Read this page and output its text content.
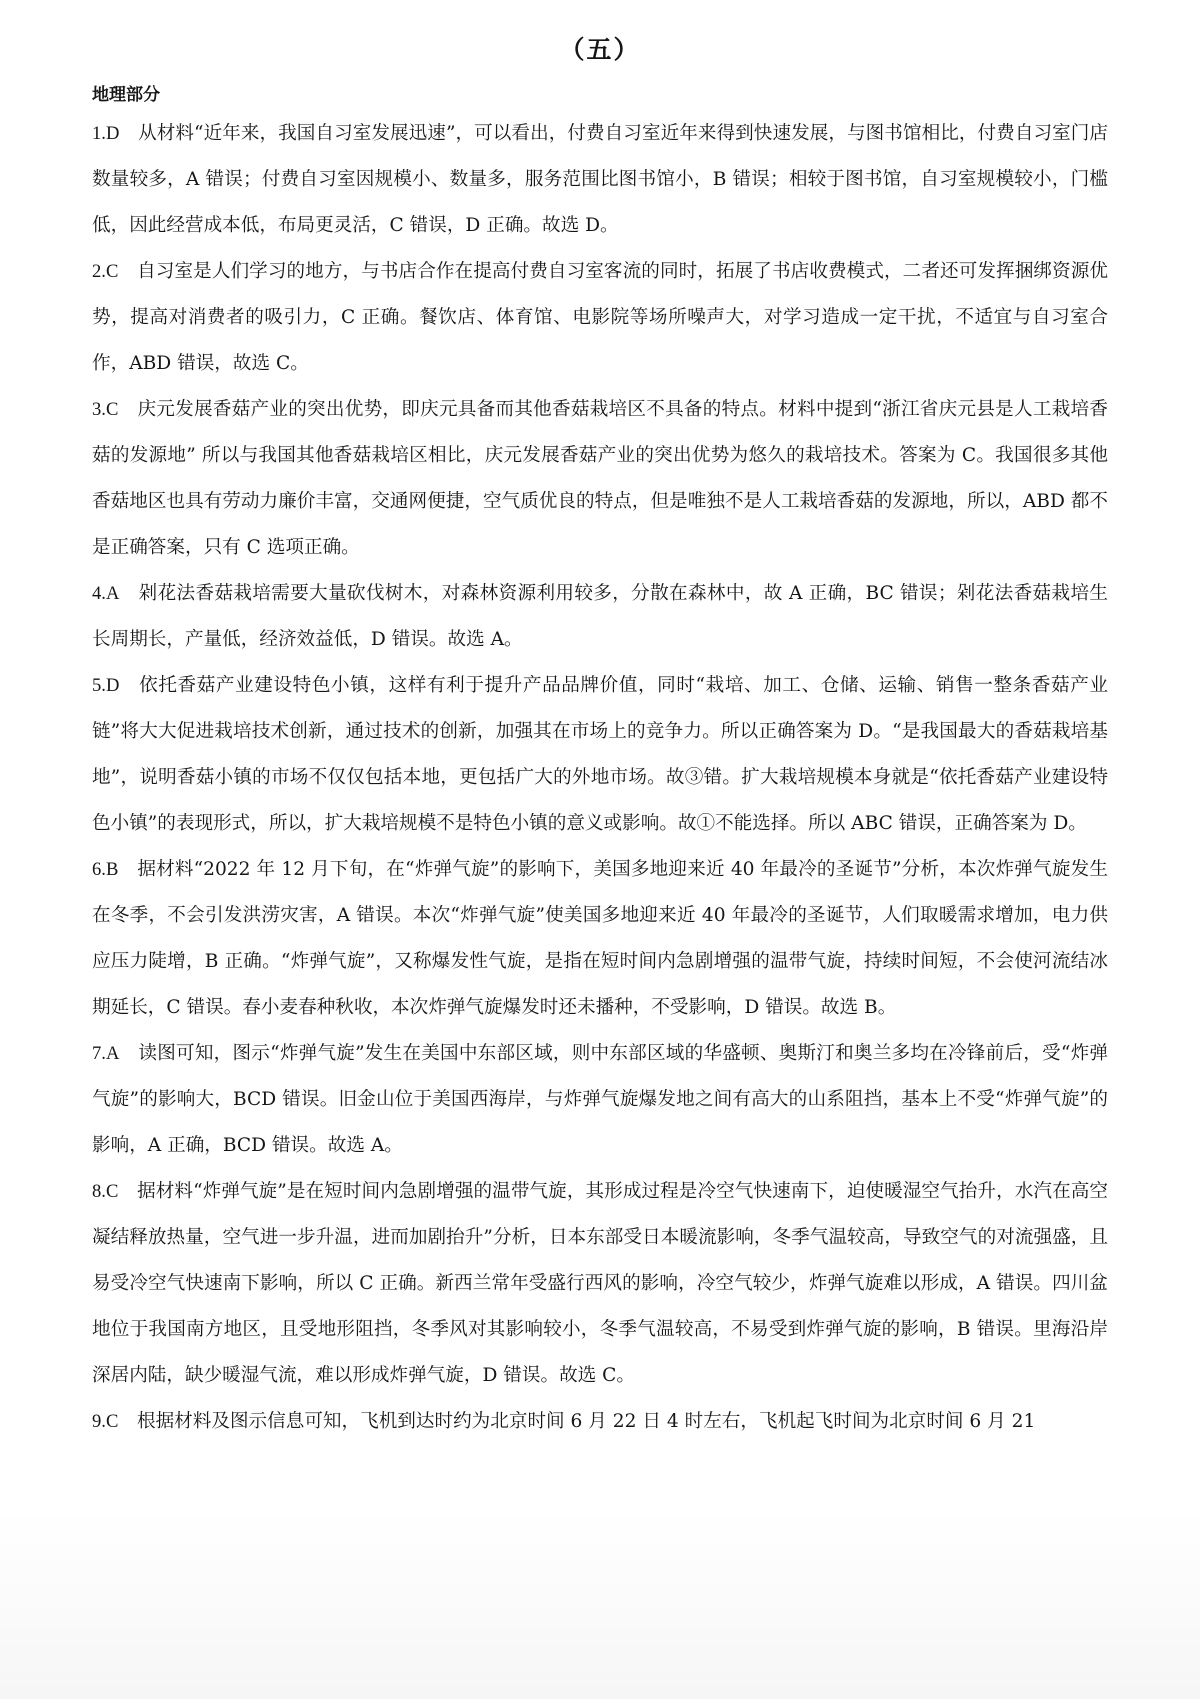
（五）
地理部分

1.D　 从材料“近年来，我国自习室发展迅速”，可以看出，付费自习室近年来得到快速发展，与图书馆相比，付费自习室门店数量较多，A 错误；付费自习室因规模小、数量多，服务范围比图书馆小，B 错误；相较于图书馆，自习室规模较小，门槛低，因此经营成本低，布局更灵活，C 错误，D 正确。故选 D。

2.C　 自习室是人们学习的地方，与书店合作在提高付费自习室客流的同时，拓展了书店收费模式，二者还可发挥捆绑资源优势，提高对消费者的吸引力，C 正确。餐饮店、体育馆、电影院等场所噪声大，对学习造成一定干扰，不适宜与自习室合作，ABD 错误，故选 C。

3.C　 庆元发展香菇产业的突出优势，即庆元具备而其他香菇栽培区不具备的特点。材料中提到“浙江省庆元县是人工栽培香菇的发源地” 所以与我国其他香菇栽培区相比，庆元发展香菇产业的突出优势为悠久的栽培技术。答案为 C。我国很多其他香菇地区也具有劳动力廉价丰富，交通网便捷，空气质优良的特点，但是唯独不是人工栽培香菇的发源地，所以，ABD 都不是正确答案，只有 C 选项正确。

4.A　 剁花法香菇栽培需要大量砍伐树木，对森林资源利用较多，分散在森林中，故 A 正确，BC 错误；剁花法香菇栽培生长周期长，产量低，经济效益低，D 错误。故选 A。

5.D　 依托香菇产业建设特色小镇，这样有利于提升产品品牌价值，同时“栽培、加工、仓储、运输、销售一整条香菇产业链”将大大促进栽培技术创新，通过技术的创新，加强其在市场上的竞争力。所以正确答案为 D。“是我国最大的香菇栽培基地”，说明香菇小镇的市场不仅仅包括本地，更包括广大的外地市场。故③错。扩大栽培规模本身就是“依托香菇产业建设特色小镇”的表现形式，所以，扩大栽培规模不是特色小镇的意义或影响。故①不能选择。所以 ABC 错误，正确答案为 D。

6.B　 据材料“2022 年 12 月下旬，在“炸弹气旋”的影响下，美国多地迎来近 40 年最冷的圣诞节”分析，本次炸弹气旋发生在冬季，不会引发洪涝灾害，A 错误。本次“炸弹气旋”使美国多地迎来近 40 年最冷的圣诞节，人们取暖需求增加，电力供应压力陡增，B 正确。“炸弹气旋”，又称爆发性气旋，是指在短时间内急剧增强的温带气旋，持续时间短，不会使河流结冰期延长，C 错误。春小麦春种秋收，本次炸弹气旋爆发时还未播种，不受影响，D 错误。故选 B。

7.A　 读图可知，图示“炸弹气旋”发生在美国中东部区域，则中东部区域的华盛顿、奥斯汀和奥兰多均在冷锋前后，受“炸弹气旋”的影响大，BCD 错误。旧金山位于美国西海岸，与炸弹气旋爆发地之间有高大的山系阻挡，基本上不受“炸弹气旋”的影响，A 正确，BCD 错误。故选 A。

8.C　 据材料“炸弹气旋”是在短时间内急剧增强的温带气旋，其形成过程是冷空气快速南下，迫使暖湿空气抬升，水汽在高空凝结释放热量，空气进一步升温，进而加剧抬升”分析，日本东部受日本暖流影响，冬季气温较高，导致空气的对流强盛，且易受冷空气快速南下影响，所以 C 正确。新西兰常年受盛行西风的影响，冷空气较少，炸弹气旋难以形成，A 错误。四川盆地位于我国南方地区，且受地形阻挡，冬季风对其影响较小，冬季气温较高，不易受到炸弹气旋的影响，B 错误。里海沿岸深居内陆，缺少暖湿气流，难以形成炸弹气旋，D 错误。故选 C。

9.C　 根据材料及图示信息可知，飞机到达时约为北京时间 6 月 22 日 4 时左右，飞机起飞时间为北京时间 6 月 21
